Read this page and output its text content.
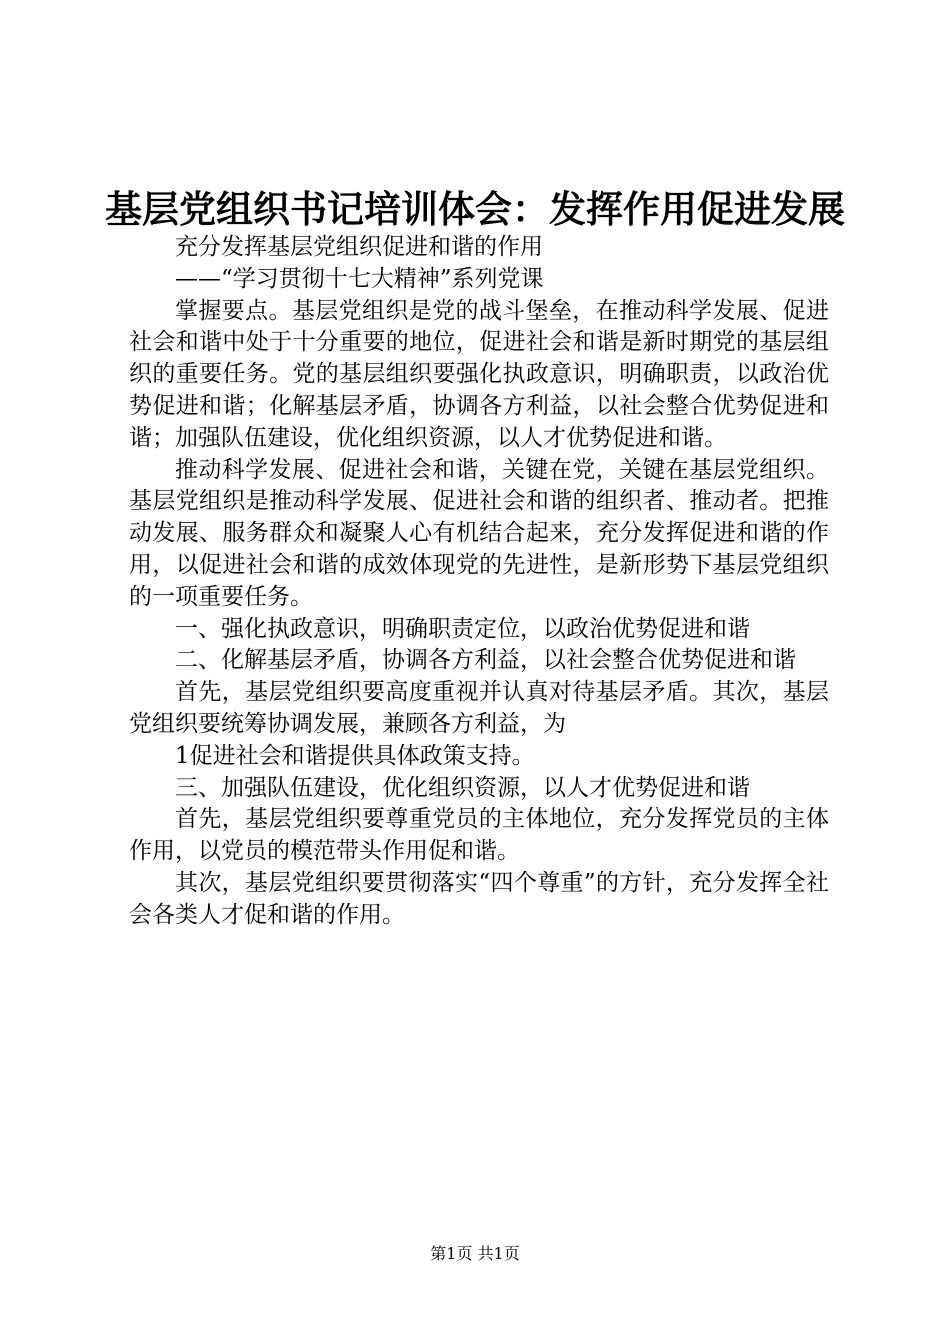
基层党组织书记培训体会：发挥作用促进发展

充分发挥基层党组织促进和谐的作用

——“学习贯彻十七大精神”系列党课

掌握要点。基层党组织是党的战斗堡垒，在推动科学发展、促进社会和谐中处于十分重要的地位，促进社会和谐是新时期党的基层组织的重要任务。党的基层组织要强化执政意识，明确职责，以政治优势促进和谐；化解基层矛盾，协调各方利益，以社会整合优势促进和谐；加强队伍建设，优化组织资源，以人才优势促进和谐。

推动科学发展、促进社会和谐，关键在党，关键在基层党组织。基层党组织是推动科学发展、促进社会和谐的组织者、推动者。把推动发展、服务群众和凝聚人心有机结合起来，充分发挥促进和谐的作用，以促进社会和谐的成效体现党的先进性，是新形势下基层党组织的一项重要任务。

一、强化执政意识，明确职责定位，以政治优势促进和谐

二、化解基层矛盾，协调各方利益，以社会整合优势促进和谐

首先，基层党组织要高度重视并认真对待基层矛盾。其次，基层党组织要统筹协调发展，兼顾各方利益，为

1促进社会和谐提供具体政策支持。

三、加强队伍建设，优化组织资源，以人才优势促进和谐

首先，基层党组织要尊重党员的主体地位，充分发挥党员的主体作用，以党员的模范带头作用促和谐。

其次，基层党组织要贯彻落实“四个尊重”的方针，充分发挥全社会各类人才促和谐的作用。

第1页 共1页
